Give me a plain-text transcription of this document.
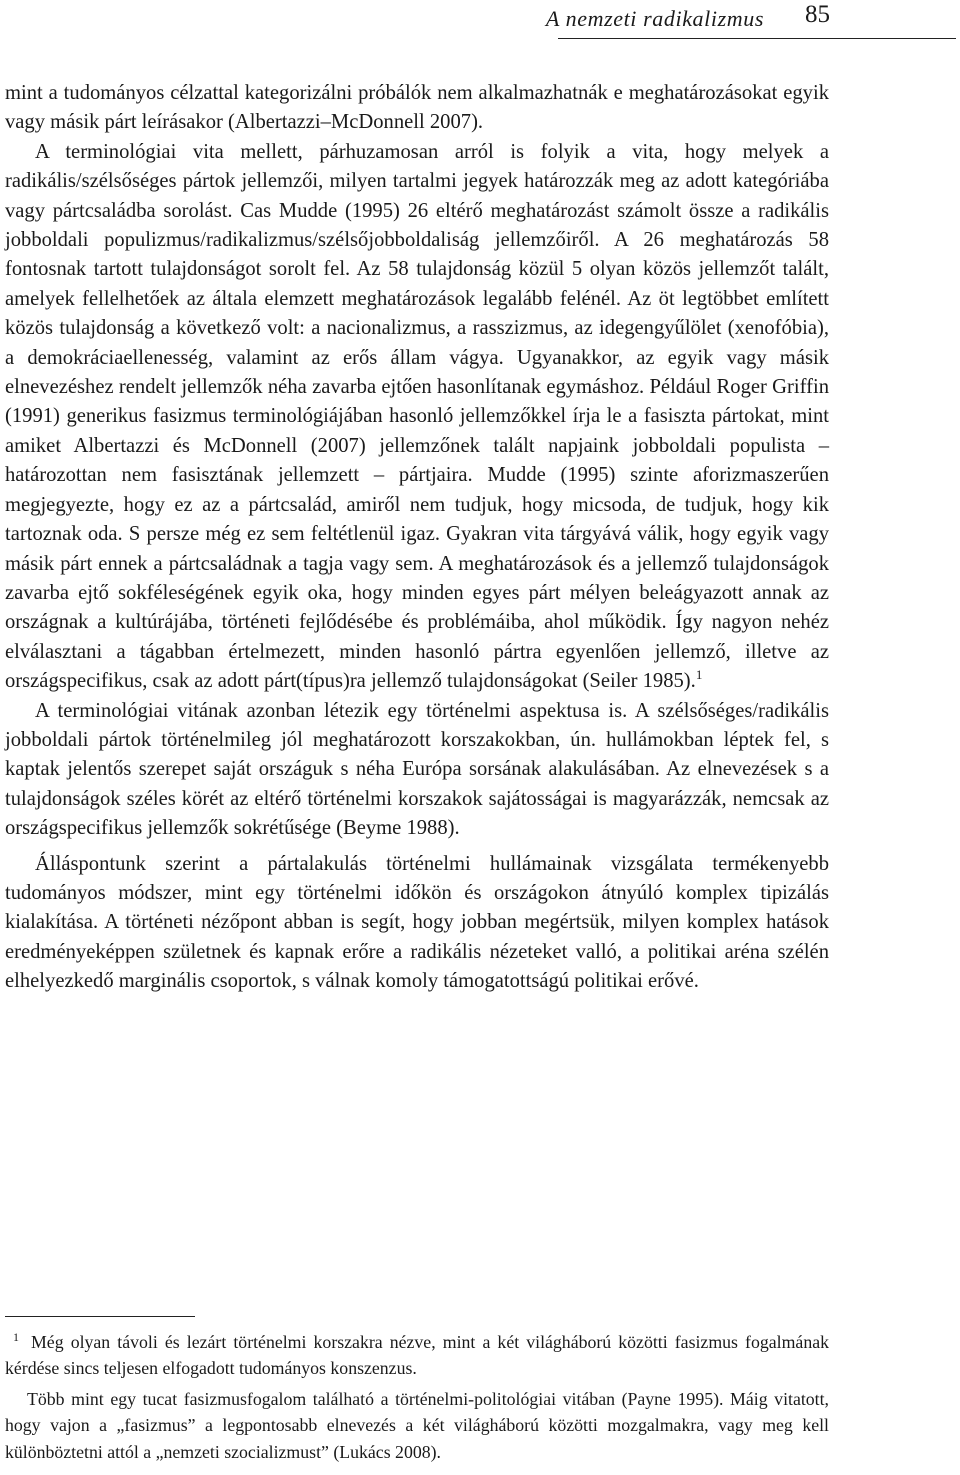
A nemzeti radikalizmus 85

mint a tudományos célzattal kategorizálni próbálók nem alkalmazhatnák e meghatározásokat egyik vagy másik párt leírásakor (Albertazzi–McDonnell 2007).

A terminológiai vita mellett, párhuzamosan arról is folyik a vita, hogy melyek a radikális/szélsőséges pártok jellemzői, milyen tartalmi jegyek határozzák meg az adott kategóriába vagy pártcsaládba sorolást. Cas Mudde (1995) 26 eltérő meghatározást számolt össze a radikális jobboldali populizmus/radikalizmus/szélsőjobboldaliság jellemzőiről. A 26 meghatározás 58 fontosnak tartott tulajdonságot sorolt fel. Az 58 tulajdonság közül 5 olyan közös jellemzőt talált, amelyek fellelhetőek az általa elemzett meghatározások legalább felénél. Az öt legtöbbet említett közös tulajdonság a következő volt: a nacionalizmus, a rasszizmus, az idegengyűlölet (xenofóbia), a demokráciaellenesség, valamint az erős állam vágya. Ugyanakkor, az egyik vagy másik elnevezéshez rendelt jellemzők néha zavarba ejtően hasonlítanak egymáshoz. Például Roger Griffin (1991) generikus fasizmus terminológiájában hasonló jellemzőkkel írja le a fasiszta pártokat, mint amiket Albertazzi és McDonnell (2007) jellemzőnek talált napjaink jobboldali populista – határozottan nem fasisztának jellemzett – pártjaira. Mudde (1995) szinte aforizmaszerűen megjegyezte, hogy ez az a pártcsalád, amiről nem tudjuk, hogy micsoda, de tudjuk, hogy kik tartoznak oda. S persze még ez sem feltétlenül igaz. Gyakran vita tárgyává válik, hogy egyik vagy másik párt ennek a pártcsaládnak a tagja vagy sem. A meghatározások és a jellemző tulajdonságok zavarba ejtő sokféleségének egyik oka, hogy minden egyes párt mélyen beleágyazott annak az országnak a kultúrájába, történeti fejlődésébe és problémáiba, ahol működik. Így nagyon nehéz elválasztani a tágabban értelmezett, minden hasonló pártra egyenlően jellemző, illetve az országspecifikus, csak az adott párt(típus)ra jellemző tulajdonságokat (Seiler 1985).$^1$

A terminológiai vitának azonban létezik egy történelmi aspektusa is. A szélsőséges/radikális jobboldali pártok történelmileg jól meghatározott korszakokban, ún. hullámokban léptek fel, s kaptak jelentős szerepet saját országuk s néha Európa sorsának alakulásában. Az elnevezések s a tulajdonságok széles körét az eltérő történelmi korszakok sajátosságai is magyarázzák, nemcsak az országspecifikus jellemzők sokrétűsége (Beyme 1988).

Álláspontunk szerint a pártalakulás történelmi hullámainak vizsgálata termékenyebb tudományos módszer, mint egy történelmi időkön és országokon átnyúló komplex tipizálás kialakítása. A történeti nézőpont abban is segít, hogy jobban megértsük, milyen komplex hatások eredményeképpen születnek és kapnak erőre a radikális nézeteket valló, a politikai aréna szélén elhelyezkedő marginális csoportok, s válnak komoly támogatottságú politikai erővé.

$^1$ Még olyan távoli és lezárt történelmi korszakra nézve, mint a két világháború közötti fasizmus fogalmának kérdése sincs teljesen elfogadott tudományos konszenzus.

Több mint egy tucat fasizmusfogalom található a történelmi-politológiai vitában (Payne 1995). Máig vitatott, hogy vajon a „fasizmus” a legpontosabb elnevezés a két világháború közötti mozgalmakra, vagy meg kell különböztetni attól a „nemzeti szocializmust” (Lukács 2008).
